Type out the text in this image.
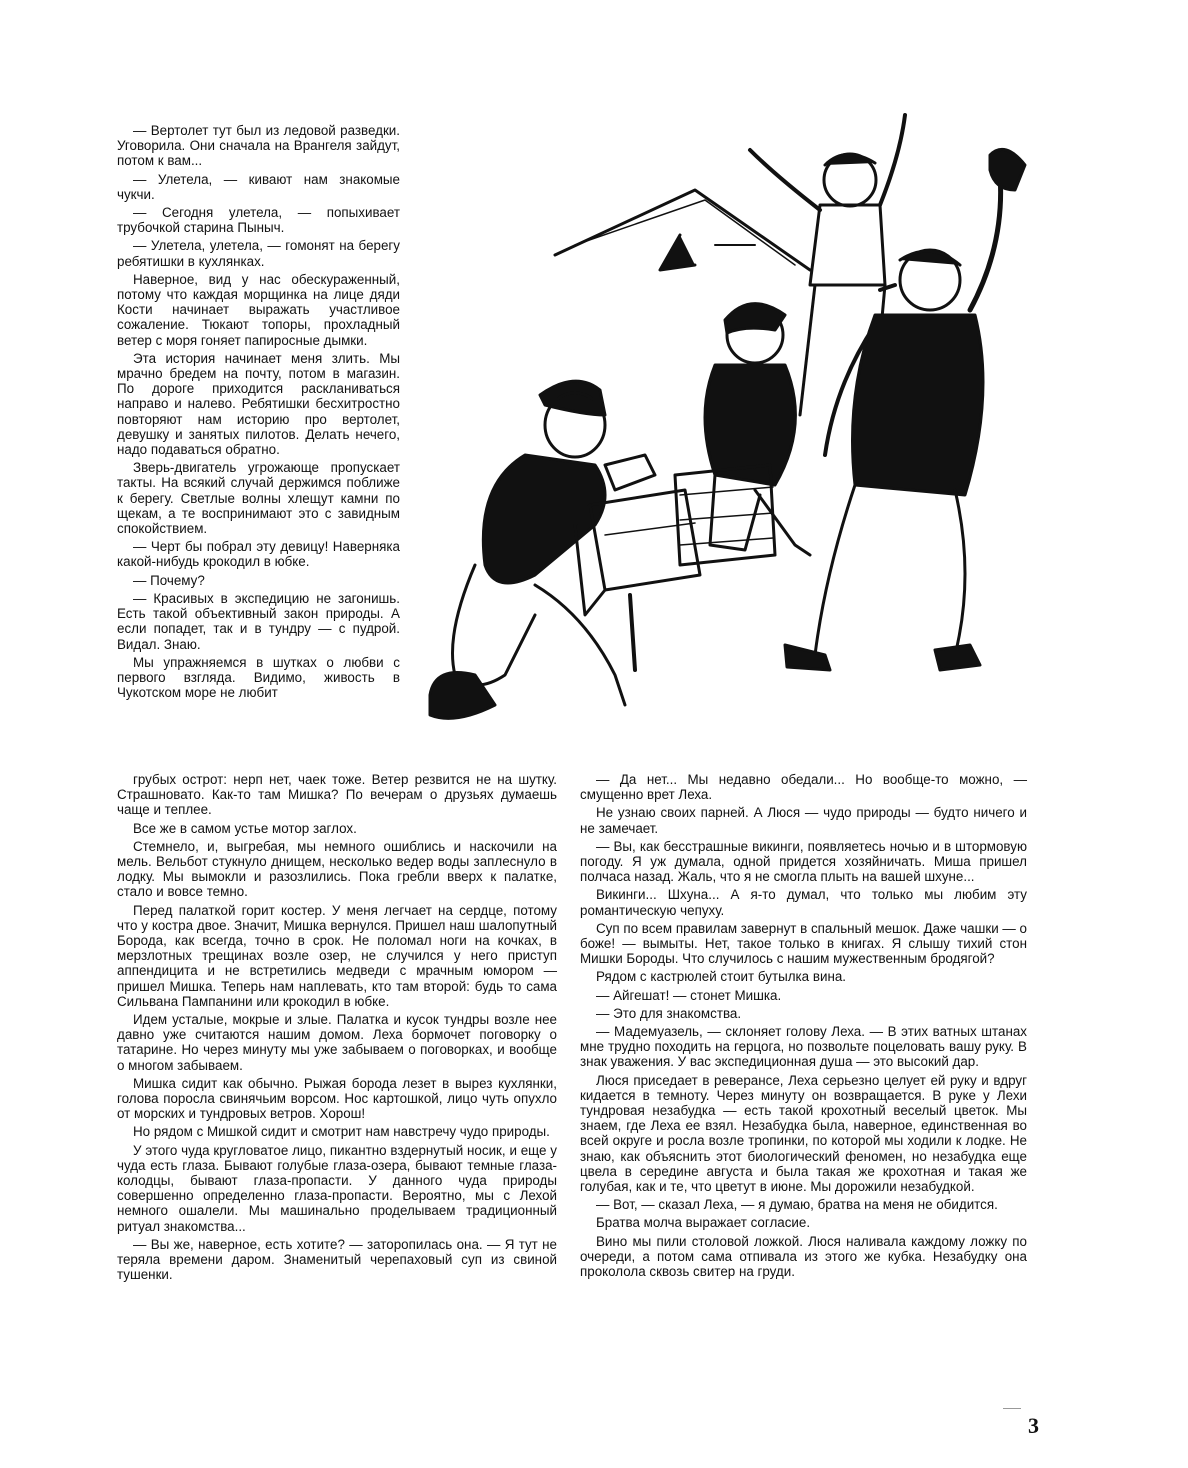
— Вертолет тут был из ледовой разведки. Уговорила. Они сначала на Врангеля зайдут, потом к вам...

— Улетела, — кивают нам знакомые чукчи.

— Сегодня улетела, — попыхивает трубочкой старина Пыныч.

— Улетела, улетела, — гомонят на берегу ребятишки в кухлянках.

Наверное, вид у нас обескураженный, потому что каждая морщинка на лице дяди Кости начинает выражать участливое сожаление. Тюкают топоры, прохладный ветер с моря гоняет папиросные дымки.

Эта история начинает меня злить. Мы мрачно бредем на почту, потом в магазин. По дороге приходится раскланиваться направо и налево. Ребятишки бесхитростно повторяют нам историю про вертолет, девушку и занятых пилотов. Делать нечего, надо подаваться обратно.

Зверь-двигатель угрожающе пропускает такты. На всякий случай держимся поближе к берегу. Светлые волны хлещут камни по щекам, а те воспринимают это с завидным спокойствием.

— Черт бы побрал эту девицу! Наверняка какой-нибудь крокодил в юбке.

— Почему?

— Красивых в экспедицию не загонишь. Есть такой объективный закон природы. А если попадет, так и в тундру — с пудрой. Видал. Знаю.

Мы упражняемся в шутках о любви с первого взгляда. Видимо, живость в Чукотском море не любит

грубых острот: нерп нет, чаек тоже. Ветер резвится не на шутку. Страшновато. Как-то там Мишка? По вечерам о друзьях думаешь чаще и теплее.

Все же в самом устье мотор заглох.

Стемнело, и, выгребая, мы немного ошиблись и наскочили на мель. Вельбот стукнуло днищем, несколько ведер воды заплеснуло в лодку. Мы вымокли и разозлились. Пока гребли вверх к палатке, стало и вовсе темно.

Перед палаткой горит костер. У меня легчает на сердце, потому что у костра двое. Значит, Мишка вернулся. Пришел наш шалопутный Борода, как всегда, точно в срок. Не поломал ноги на кочках, в мерзлотных трещинах возле озер, не случился у него приступ аппендицита и не встретились медведи с мрачным юмором — пришел Мишка. Теперь нам наплевать, кто там второй: будь то сама Сильвана Пампанини или крокодил в юбке.

Идем усталые, мокрые и злые. Палатка и кусок тундры возле нее давно уже считаются нашим домом. Леха бормочет поговорку о татарине. Но через минуту мы уже забываем о поговорках, и вообще о многом забываем.

Мишка сидит как обычно. Рыжая борода лезет в вырез кухлянки, голова поросла свинячьим ворсом. Нос картошкой, лицо чуть опухло от морских и тундровых ветров. Хорош!

Но рядом с Мишкой сидит и смотрит нам навстречу чудо природы.

У этого чуда кругловатое лицо, пикантно вздернутый носик, и еще у чуда есть глаза. Бывают голубые глаза-озера, бывают темные глаза-колодцы, бывают глаза-пропасти. У данного чуда природы совершенно определенно глаза-пропасти. Вероятно, мы с Лехой немного ошалели. Мы машинально проделываем традиционный ритуал знакомства...

— Вы же, наверное, есть хотите? — заторопилась она. — Я тут не теряла времени даром. Знаменитый черепаховый суп из свиной тушенки.

— Да нет... Мы недавно обедали... Но вообще-то можно, — смущенно врет Леха.

Не узнаю своих парней. А Люся — чудо природы — будто ничего и не замечает.

— Вы, как бесстрашные викинги, появляетесь ночью и в штормовую погоду. Я уж думала, одной придется хозяйничать. Миша пришел полчаса назад. Жаль, что я не смогла плыть на вашей шхуне...

Викинги... Шхуна... А я-то думал, что только мы любим эту романтическую чепуху.

Суп по всем правилам завернут в спальный мешок. Даже чашки — о боже! — вымыты. Нет, такое только в книгах. Я слышу тихий стон Мишки Бороды. Что случилось с нашим мужественным бродягой?

Рядом с кастрюлей стоит бутылка вина.

— Айгешат! — стонет Мишка.

— Это для знакомства.

— Мадемуазель, — склоняет голову Леха. — В этих ватных штанах мне трудно походить на герцога, но позвольте поцеловать вашу руку. В знак уважения. У вас экспедиционная душа — это высокий дар.

Люся приседает в реверансе, Леха серьезно целует ей руку и вдруг кидается в темноту. Через минуту он возвращается. В руке у Лехи тундровая незабудка — есть такой крохотный веселый цветок. Мы знаем, где Леха ее взял. Незабудка была, наверное, единственная во всей округе и росла возле тропинки, по которой мы ходили к лодке. Не знаю, как объяснить этот биологический феномен, но незабудка еще цвела в середине августа и была такая же крохотная и такая же голубая, как и те, что цветут в июне. Мы дорожили незабудкой.

— Вот, — сказал Леха, — я думаю, братва на меня не обидится.

Братва молча выражает согласие.

Вино мы пили столовой ложкой. Люся наливала каждому ложку по очереди, а потом сама отпивала из этого же кубка. Незабудку она проколола сквозь свитер на груди.

3
